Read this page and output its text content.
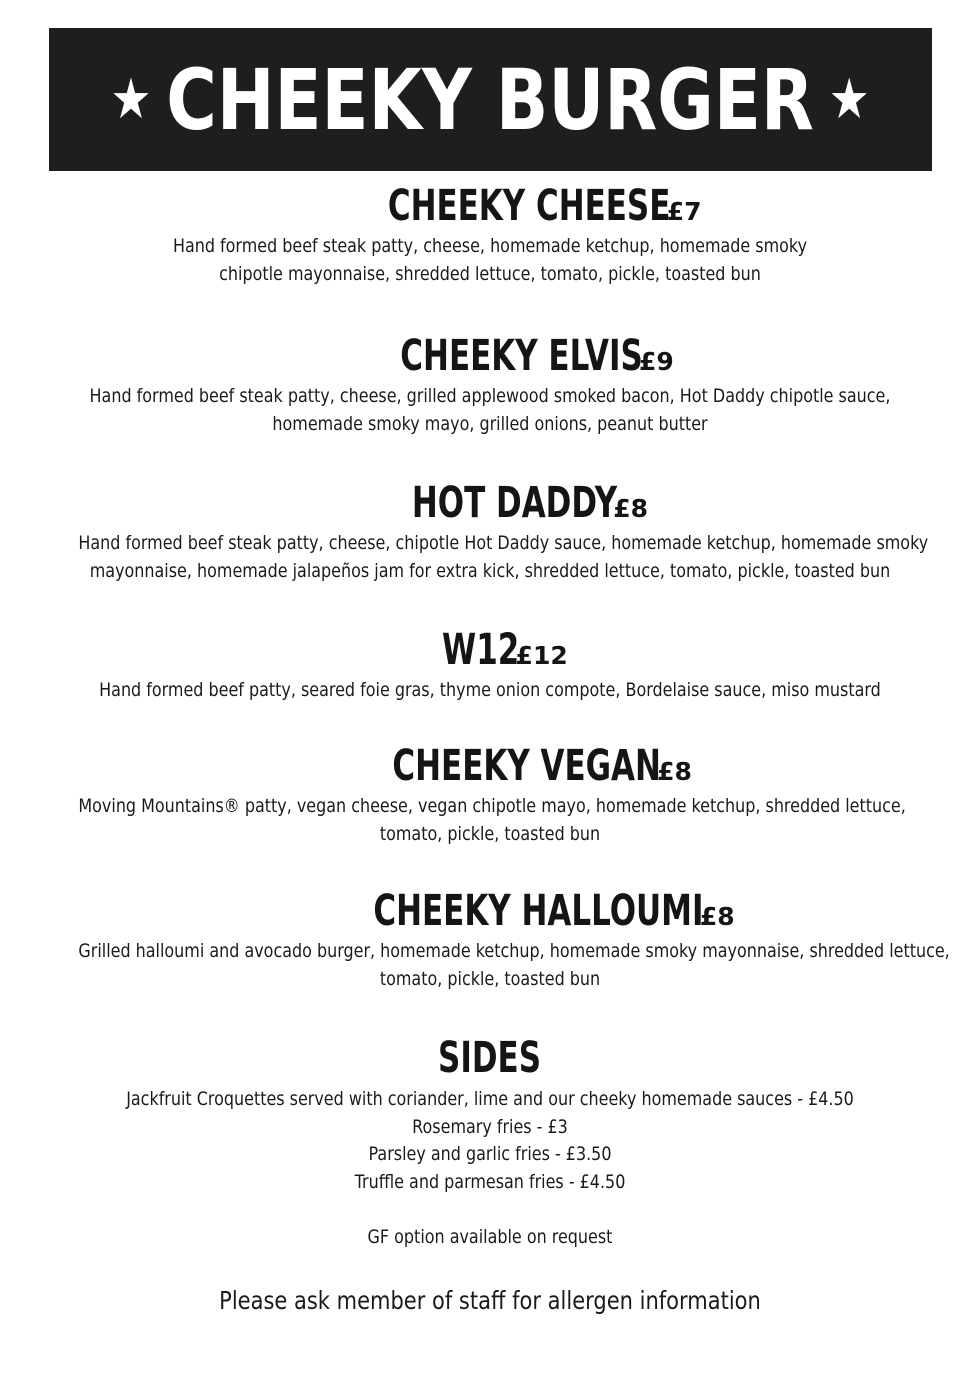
★ CHEEKY BURGER ★
CHEEKY CHEESE
£7
Hand formed beef steak patty, cheese, homemade ketchup, homemade smoky
chipotle mayonnaise, shredded lettuce, tomato, pickle, toasted bun
CHEEKY ELVIS
£9
Hand formed beef steak patty, cheese, grilled applewood smoked bacon, Hot Daddy chipotle sauce,
homemade smoky mayo, grilled onions, peanut butter
HOT DADDY
£8
Hand formed beef steak patty, cheese, chipotle Hot Daddy sauce, homemade ketchup, homemade smoky
mayonnaise, homemade jalapeños jam for extra kick, shredded lettuce, tomato, pickle, toasted bun
W12
£12
Hand formed beef patty, seared foie gras, thyme onion compote, Bordelaise sauce, miso mustard
CHEEKY VEGAN
£8
Moving Mountains® patty, vegan cheese, vegan chipotle mayo, homemade ketchup, shredded lettuce,
tomato, pickle, toasted bun
CHEEKY HALLOUMI
£8
Grilled halloumi and avocado burger, homemade ketchup, homemade smoky mayonnaise, shredded lettuce,
tomato, pickle, toasted bun
SIDES
Jackfruit Croquettes served with coriander, lime and our cheeky homemade sauces - £4.50
Rosemary fries - £3
Parsley and garlic fries - £3.50
Truffle and parmesan fries - £4.50
GF option available on request
Please ask member of staff for allergen information
